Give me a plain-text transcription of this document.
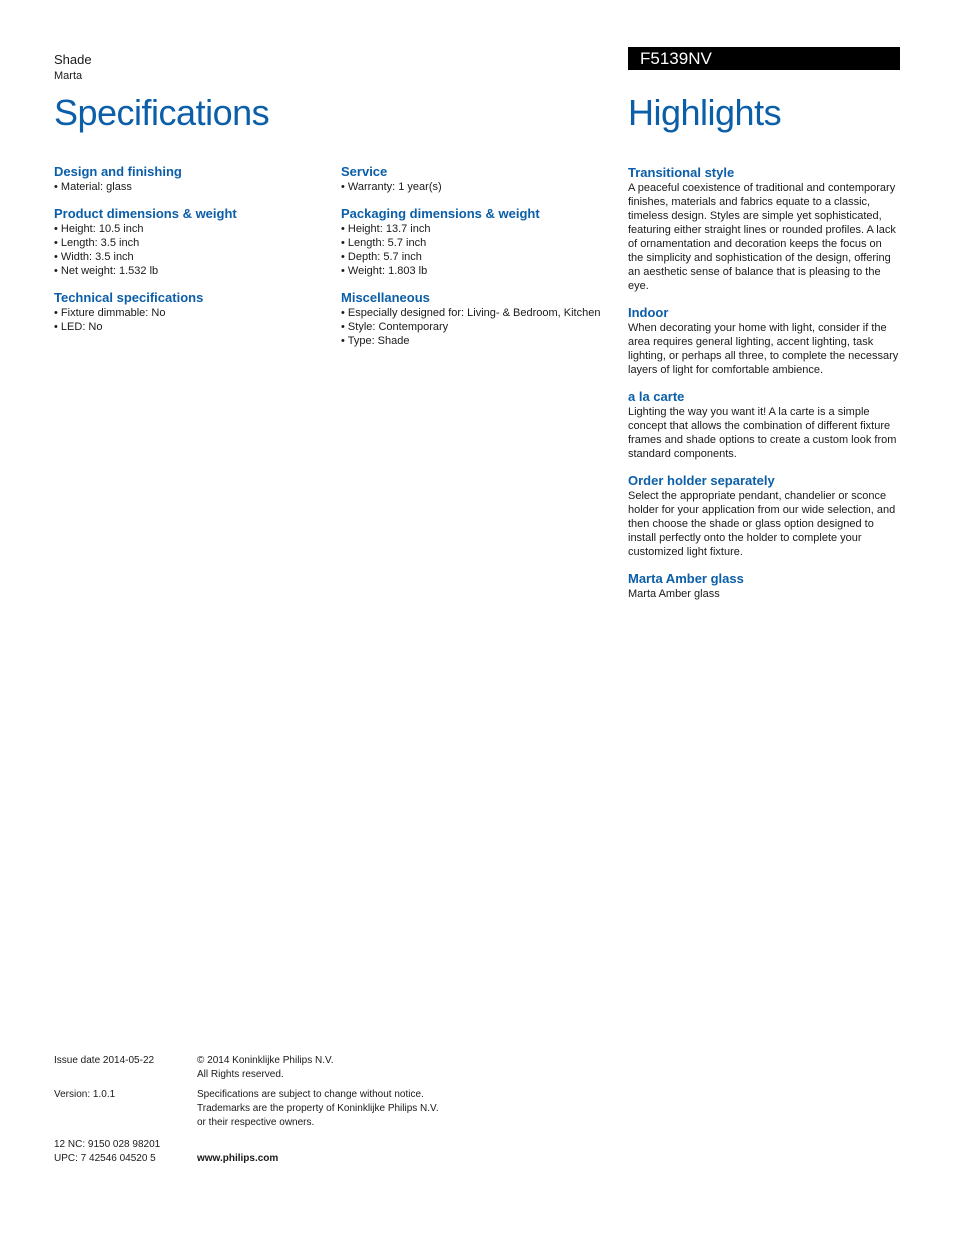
Shade
Marta
F5139NV
Specifications	Highlights
Design and finishing
• Material: glass
Product dimensions & weight
• Height: 10.5 inch
• Length: 3.5 inch
• Width: 3.5 inch
• Net weight: 1.532 lb
Technical specifications
• Fixture dimmable: No
• LED: No
Service
• Warranty: 1 year(s)
Packaging dimensions & weight
• Height: 13.7 inch
• Length: 5.7 inch
• Depth: 5.7 inch
• Weight: 1.803 lb
Miscellaneous
• Especially designed for: Living- & Bedroom, Kitchen
• Style: Contemporary
• Type: Shade
Transitional style

A peaceful coexistence of traditional and contemporary finishes, materials and fabrics equate to a classic, timeless design. Styles are simple yet sophisticated, featuring either straight lines or rounded profiles. A lack of ornamentation and decoration keeps the focus on the simplicity and sophistication of the design, offering an aesthetic sense of balance that is pleasing to the eye.

Indoor

When decorating your home with light, consider if the area requires general lighting, accent lighting, task lighting, or perhaps all three, to complete the necessary layers of light for comfortable ambience.

a la carte

Lighting the way you want it! A la carte is a simple concept that allows the combination of different fixture frames and shade options to create a custom look from standard components.

Order holder separately

Select the appropriate pendant, chandelier or sconce holder for your application from our wide selection, and then choose the shade or glass option designed to install perfectly onto the holder to complete your customized light fixture.

Marta Amber glass

Marta Amber glass

Issue date 2014-05-22	© 2014 Koninklijke Philips N.V.
All Rights reserved.
Version: 1.0.1	Specifications are subject to change without notice.
Trademarks are the property of Koninklijke Philips N.V.
or their respective owners.
12 NC: 9150 028 98201
UPC: 7 42546 04520 5	www.philips.com
